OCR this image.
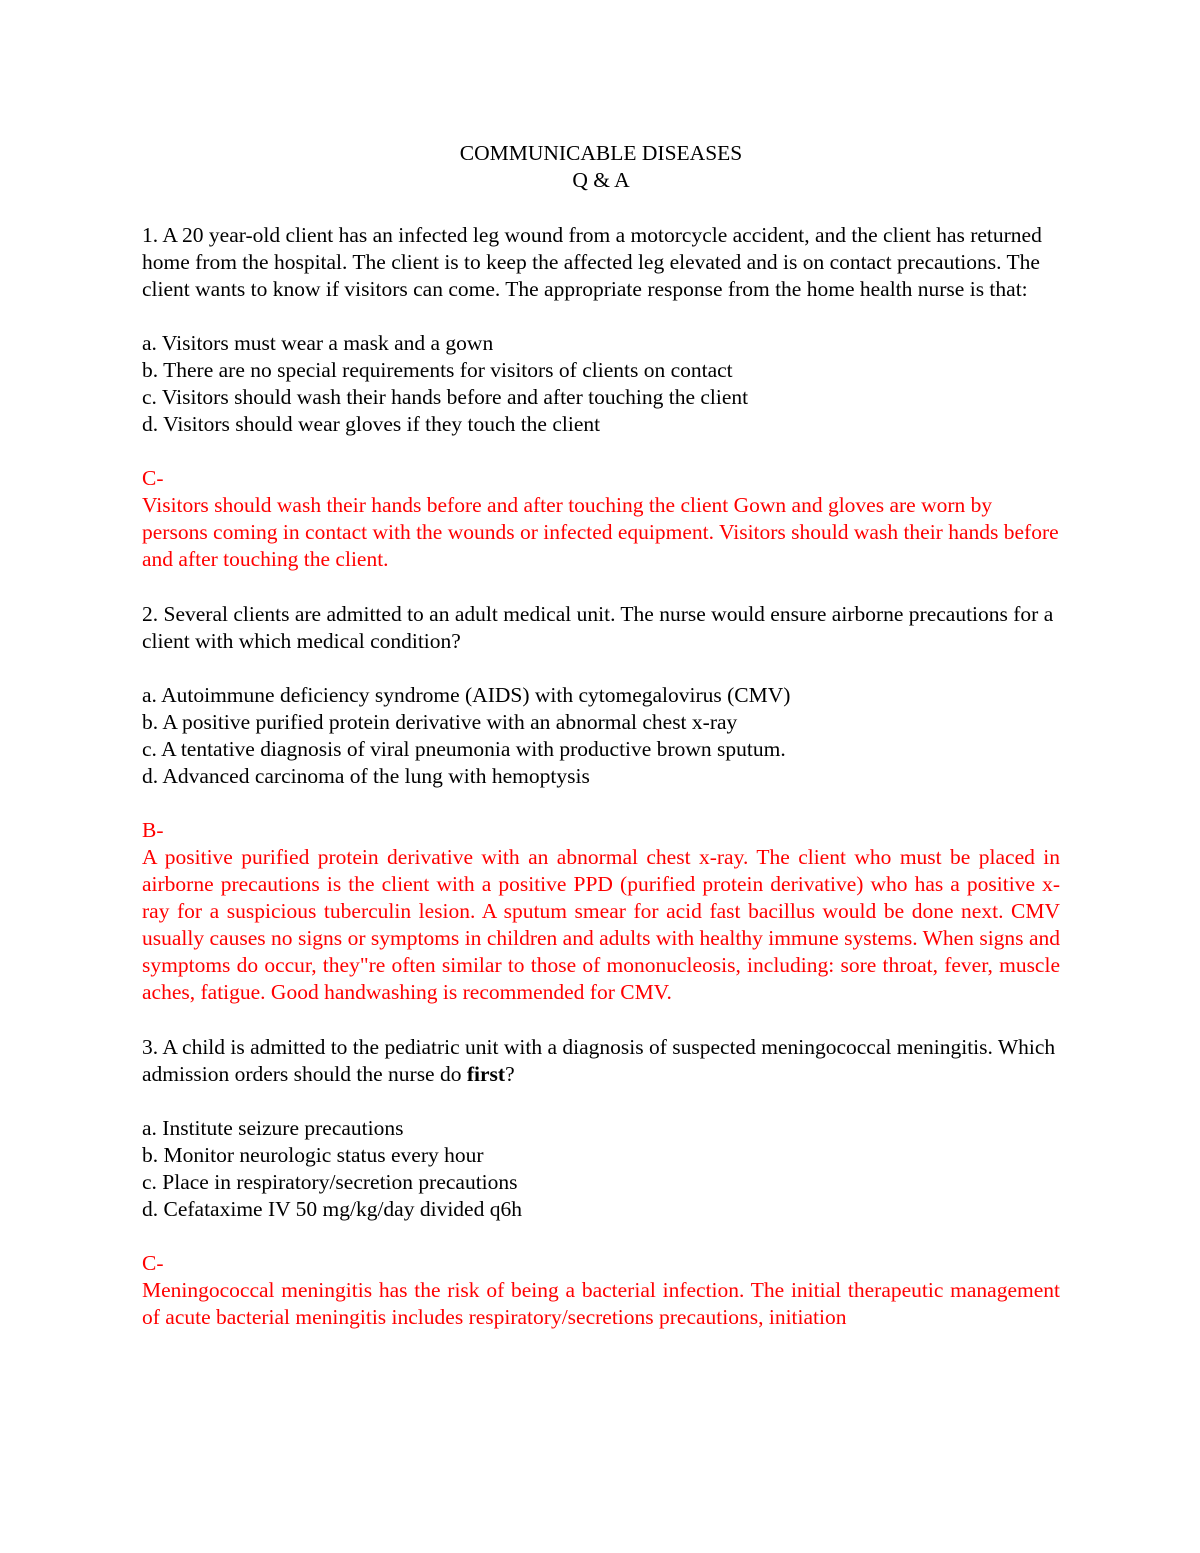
COMMUNICABLE DISEASES

Q & A

1. A 20 year-old client has an infected leg wound from a motorcycle accident, and the client has returned home from the hospital. The client is to keep the affected leg elevated and is on contact precautions. The client wants to know if visitors can come. The appropriate response from the home health nurse is that:

a. Visitors must wear a mask and a gown

b. There are no special requirements for visitors of clients on contact

c. Visitors should wash their hands before and after touching the client

d. Visitors should wear gloves if they touch the client

C-

Visitors should wash their hands before and after touching the client Gown and gloves are worn by persons coming in contact with the wounds or infected equipment. Visitors should wash their hands before and after touching the client.

2. Several clients are admitted to an adult medical unit. The nurse would ensure airborne precautions for a client with which medical condition?

a. Autoimmune deficiency syndrome (AIDS) with cytomegalovirus (CMV)

b. A positive purified protein derivative with an abnormal chest x-ray

c. A tentative diagnosis of viral pneumonia with productive brown sputum.

d. Advanced carcinoma of the lung with hemoptysis

B-

A positive purified protein derivative with an abnormal chest x-ray. The client who must be placed in airborne precautions is the client with a positive PPD (purified protein derivative) who has a positive x-ray for a suspicious tuberculin lesion. A sputum smear for acid fast bacillus would be done next. CMV usually causes no signs or symptoms in children and adults with healthy immune systems. When signs and symptoms do occur, they"re often similar to those of mononucleosis, including: sore throat, fever, muscle aches, fatigue. Good handwashing is recommended for CMV.

3. A child is admitted to the pediatric unit with a diagnosis of suspected meningococcal meningitis. Which admission orders should the nurse do first?

a. Institute seizure precautions

b. Monitor neurologic status every hour

c. Place in respiratory/secretion precautions

d. Cefataxime IV 50 mg/kg/day divided q6h

C-

Meningococcal meningitis has the risk of being a bacterial infection. The initial therapeutic management of acute bacterial meningitis includes respiratory/secretions precautions, initiation
